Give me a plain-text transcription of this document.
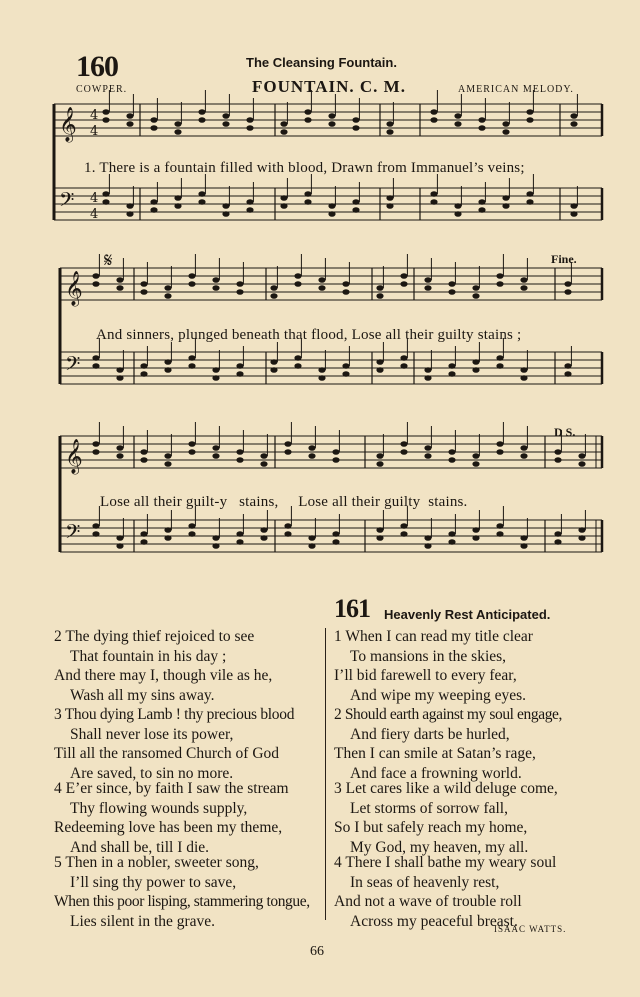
160	The Cleansing Fountain.
COWPER.	FOUNTAIN. C. M.	AMERICAN MELODY.
𝄞
𝄢
𝄞
𝄢
𝄞
𝄢
4
4
4
4
1. There is a fountain filled with blood, Drawn from Immanuel’s veins;
And sinners, plunged beneath that flood, Lose all their guilty stains ;
Lose all their guilt-y   stains,     Lose all their guilty  stains.
Fine.
D S.
𝄋
161 Heavenly Rest Anticipated.
2 The dying thief rejoiced to see
That fountain in his day ;
And there may I, though vile as he,
Wash all my sins away.
3 Thou dying Lamb ! thy precious blood
Shall never lose its power,
Till all the ransomed Church of God
Are saved, to sin no more.
4 E’er since, by faith I saw the stream
Thy flowing wounds supply,
Redeeming love has been my theme,
And shall be, till I die.
5 Then in a nobler, sweeter song,
I’ll sing thy power to save,
When this poor lisping, stammering tongue,
Lies silent in the grave.
1 When I can read my title clear
To mansions in the skies,
I’ll bid farewell to every fear,
And wipe my weeping eyes.
2 Should earth against my soul engage,
And fiery darts be hurled,
Then I can smile at Satan’s rage,
And face a frowning world.
3 Let cares like a wild deluge come,
Let storms of sorrow fall,
So I but safely reach my home,
My God, my heaven, my all.
4 There I shall bathe my weary soul
In seas of heavenly rest,
And not a wave of trouble roll
Across my peaceful breast.
ISAAC WATTS.
66
